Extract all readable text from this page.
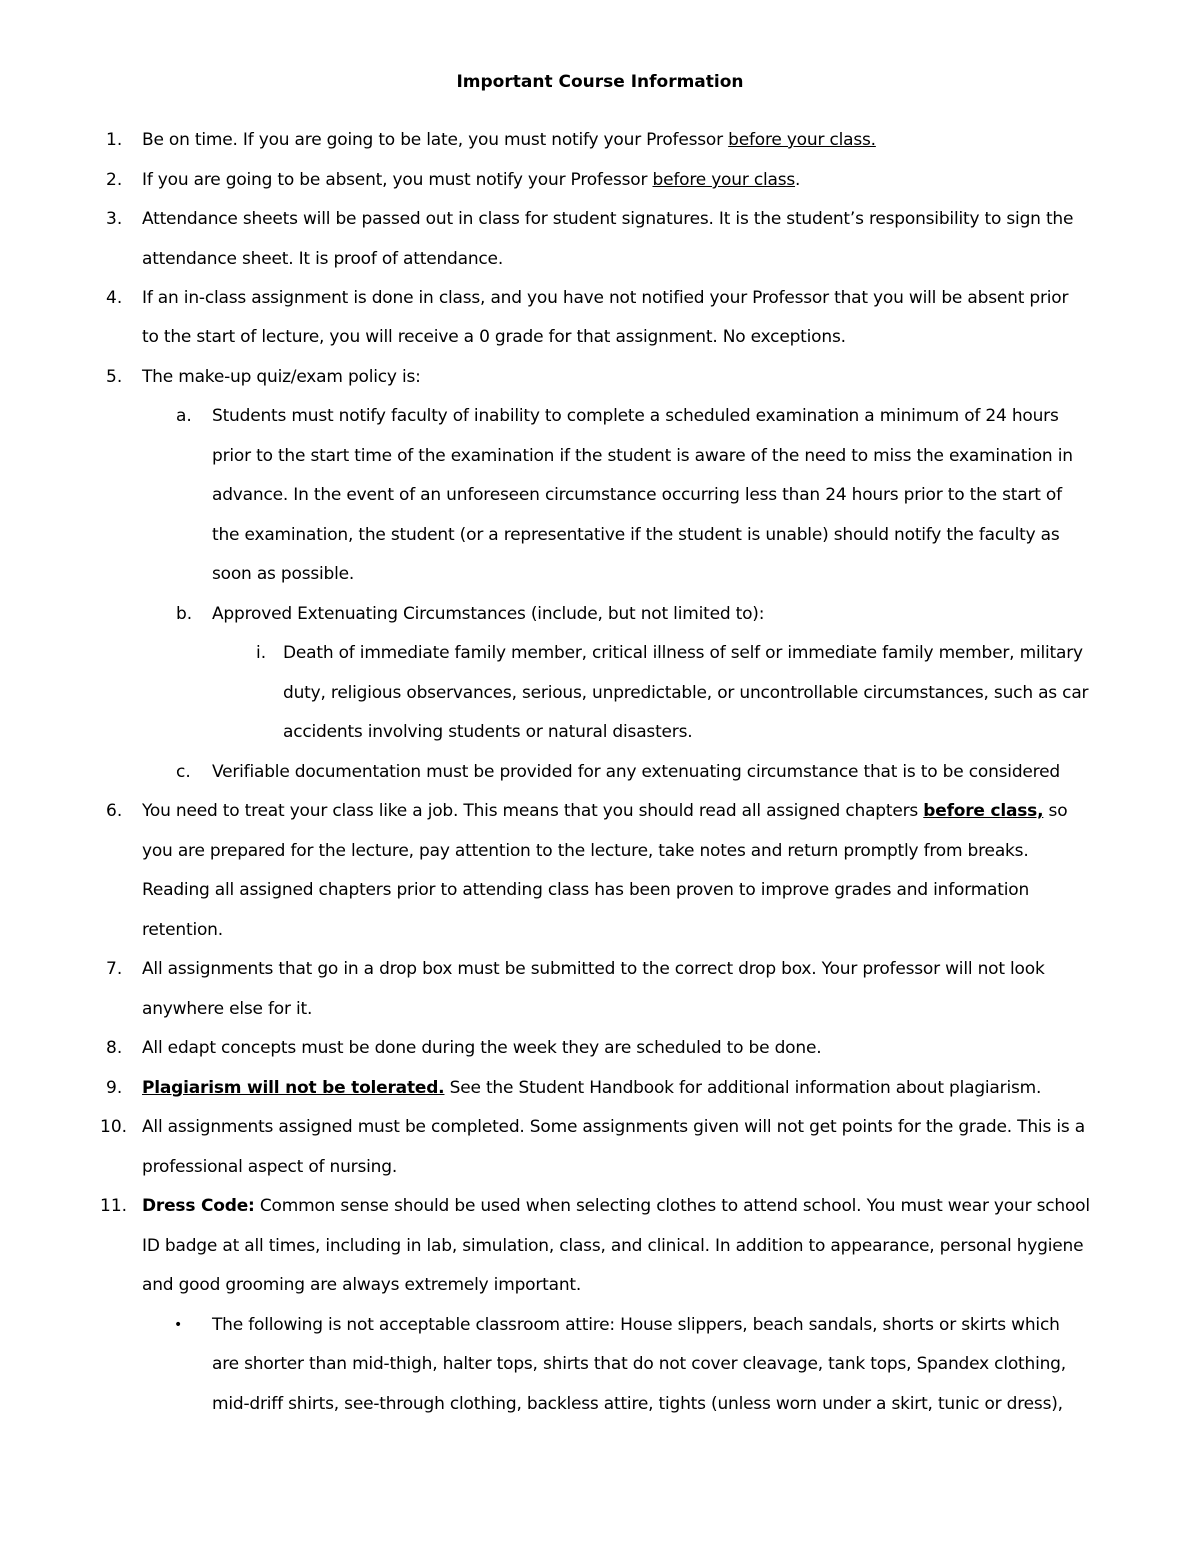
Important Course Information
1. Be on time. If you are going to be late, you must notify your Professor before your class.
2. If you are going to be absent, you must notify your Professor before your class.
3. Attendance sheets will be passed out in class for student signatures. It is the student’s responsibility to sign the
attendance sheet. It is proof of attendance.
4. If an in-class assignment is done in class, and you have not notified your Professor that you will be absent prior
to the start of lecture, you will receive a 0 grade for that assignment. No exceptions.
5. The make-up quiz/exam policy is:
a. Students must notify faculty of inability to complete a scheduled examination a minimum of 24 hours
prior to the start time of the examination if the student is aware of the need to miss the examination in
advance. In the event of an unforeseen circumstance occurring less than 24 hours prior to the start of
the examination, the student (or a representative if the student is unable) should notify the faculty as
soon as possible.
b. Approved Extenuating Circumstances (include, but not limited to):
i. Death of immediate family member, critical illness of self or immediate family member, military
duty, religious observances, serious, unpredictable, or uncontrollable circumstances, such as car
accidents involving students or natural disasters.
c. Verifiable documentation must be provided for any extenuating circumstance that is to be considered
6. You need to treat your class like a job. This means that you should read all assigned chapters before class, so
you are prepared for the lecture, pay attention to the lecture, take notes and return promptly from breaks.
Reading all assigned chapters prior to attending class has been proven to improve grades and information
retention.
7. All assignments that go in a drop box must be submitted to the correct drop box. Your professor will not look
anywhere else for it.
8. All edapt concepts must be done during the week they are scheduled to be done.
9. Plagiarism will not be tolerated. See the Student Handbook for additional information about plagiarism.
10. All assignments assigned must be completed. Some assignments given will not get points for the grade. This is a
professional aspect of nursing.
11. Dress Code: Common sense should be used when selecting clothes to attend school. You must wear your school
ID badge at all times, including in lab, simulation, class, and clinical. In addition to appearance, personal hygiene
and good grooming are always extremely important.
• The following is not acceptable classroom attire: House slippers, beach sandals, shorts or skirts which
are shorter than mid-thigh, halter tops, shirts that do not cover cleavage, tank tops, Spandex clothing,
mid-driff shirts, see-through clothing, backless attire, tights (unless worn under a skirt, tunic or dress),
